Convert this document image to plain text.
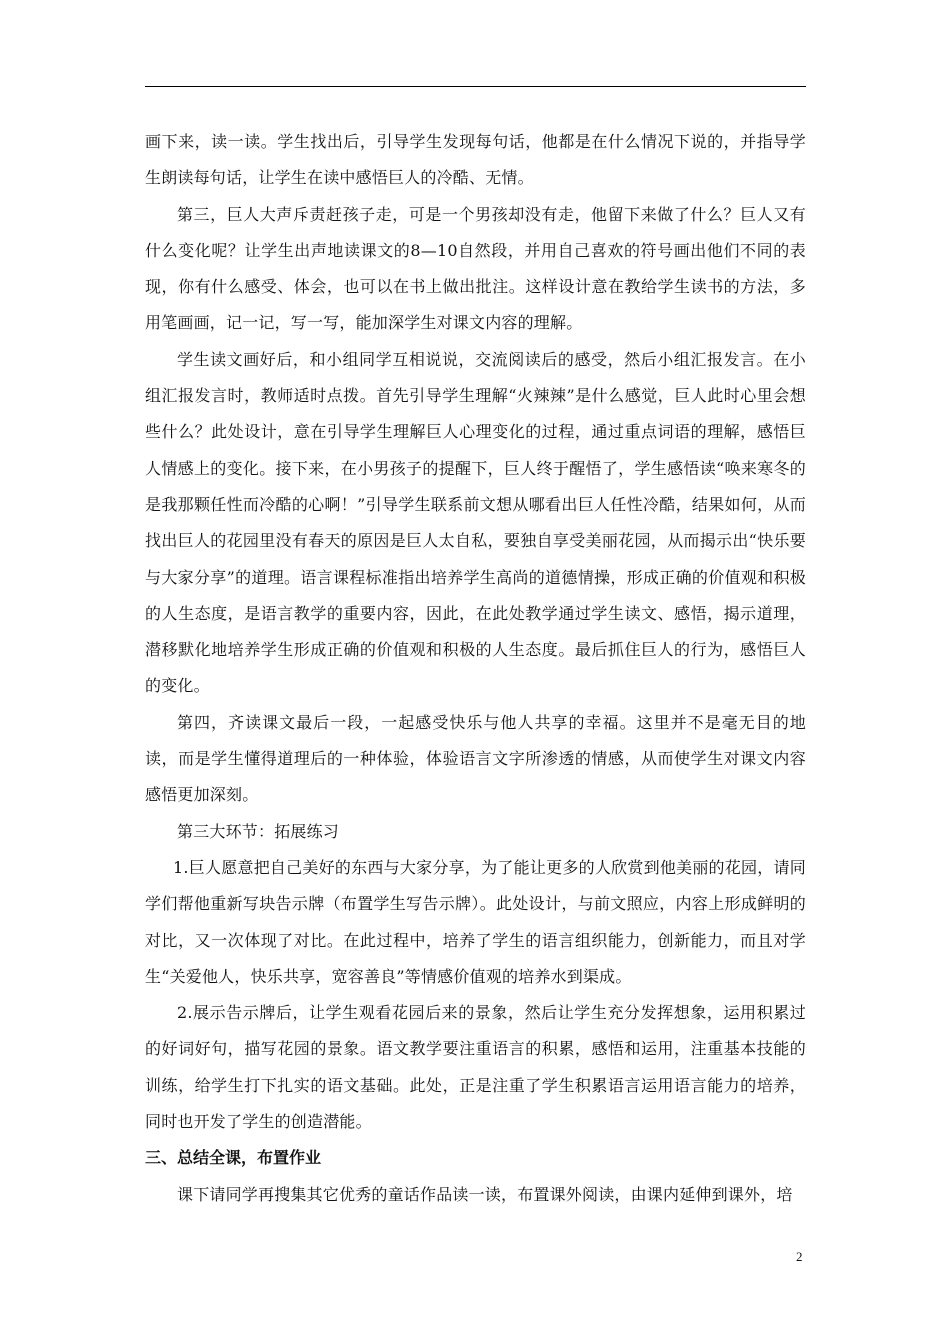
画下来，读一读。学生找出后，引导学生发现每句话，他都是在什么情况下说的，并指导学生朗读每句话，让学生在读中感悟巨人的冷酷、无情。

第三，巨人大声斥责赶孩子走，可是一个男孩却没有走，他留下来做了什么？巨人又有什么变化呢？让学生出声地读课文的8—10自然段，并用自己喜欢的符号画出他们不同的表现，你有什么感受、体会，也可以在书上做出批注。这样设计意在教给学生读书的方法，多用笔画画，记一记，写一写，能加深学生对课文内容的理解。

学生读文画好后，和小组同学互相说说，交流阅读后的感受，然后小组汇报发言。在小组汇报发言时，教师适时点拨。首先引导学生理解“火辣辣”是什么感觉，巨人此时心里会想些什么？此处设计，意在引导学生理解巨人心理变化的过程，通过重点词语的理解，感悟巨人情感上的变化。接下来，在小男孩子的提醒下，巨人终于醒悟了，学生感悟读“唤来寒冬的是我那颗任性而冷酷的心啊！”引导学生联系前文想从哪看出巨人任性冷酷，结果如何，从而找出巨人的花园里没有春天的原因是巨人太自私，要独自享受美丽花园，从而揭示出“快乐要与大家分享”的道理。语言课程标准指出培养学生高尚的道德情操，形成正确的价值观和积极的人生态度，是语言教学的重要内容，因此，在此处教学通过学生读文、感悟，揭示道理，潜移默化地培养学生形成正确的价值观和积极的人生态度。最后抓住巨人的行为，感悟巨人的变化。

第四，齐读课文最后一段，一起感受快乐与他人共享的幸福。这里并不是毫无目的地读，而是学生懂得道理后的一种体验，体验语言文字所渗透的情感，从而使学生对课文内容感悟更加深刻。

第三大环节：拓展练习

1.巨人愿意把自己美好的东西与大家分享，为了能让更多的人欣赏到他美丽的花园，请同学们帮他重新写块告示牌（布置学生写告示牌）。此处设计，与前文照应，内容上形成鲜明的对比，又一次体现了对比。在此过程中，培养了学生的语言组织能力，创新能力，而且对学生“关爱他人，快乐共享，宽容善良”等情感价值观的培养水到渠成。

2.展示告示牌后，让学生观看花园后来的景象，然后让学生充分发挥想象，运用积累过的好词好句，描写花园的景象。语文教学要注重语言的积累，感悟和运用，注重基本技能的训练，给学生打下扎实的语文基础。此处，正是注重了学生积累语言运用语言能力的培养，同时也开发了学生的创造潜能。

三、总结全课，布置作业

课下请同学再搜集其它优秀的童话作品读一读，布置课外阅读，由课内延伸到课外，培

2
